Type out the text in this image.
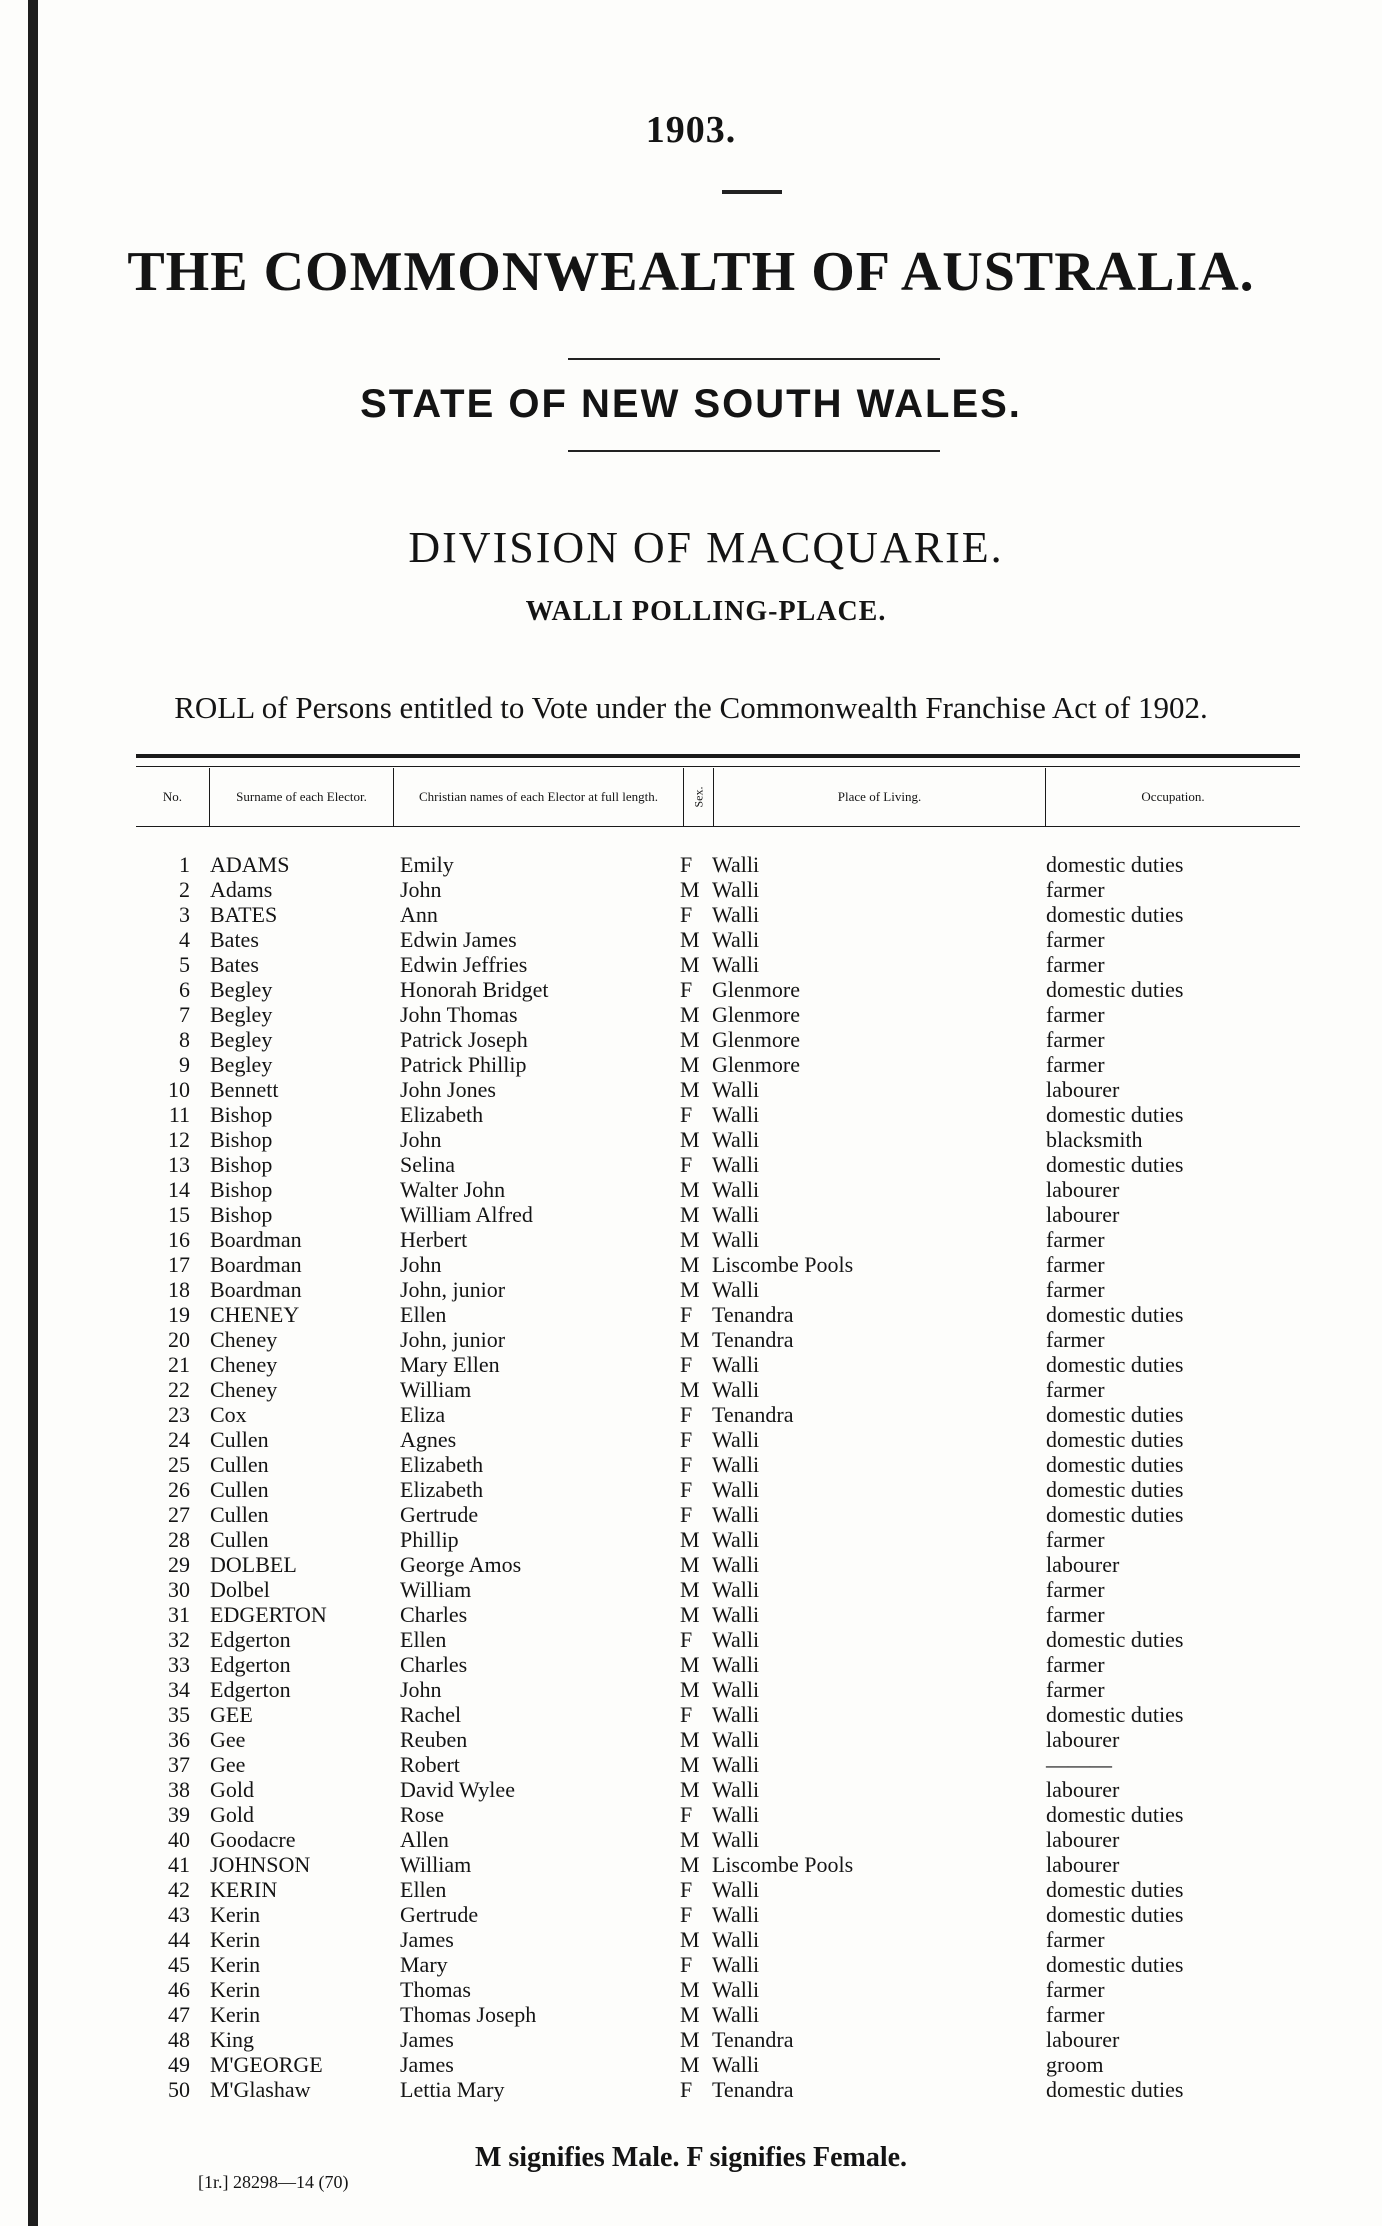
1903.
THE COMMONWEALTH OF AUSTRALIA.
STATE OF NEW SOUTH WALES.
DIVISION OF MACQUARIE.
WALLI POLLING-PLACE.
ROLL of Persons entitled to Vote under the Commonwealth Franchise Act of 1902.
No.	Surname of each Elector.	Christian names of each Elector at full length.	Sex.	Place of Living.	Occupation.
1 ADAMS	Emily	F Walli	domestic duties
2 Adams	John	M Walli	farmer
3 BATES	Ann	F Walli	domestic duties
4 Bates	Edwin James	M Walli	farmer
5 Bates	Edwin Jeffries	M Walli	farmer
6 Begley	Honorah Bridget	F Glenmore	domestic duties
7 Begley	John Thomas	M Glenmore	farmer
8 Begley	Patrick Joseph	M Glenmore	farmer
9 Begley	Patrick Phillip	M Glenmore	farmer
10 Bennett	John Jones	M Walli	labourer
11 Bishop	Elizabeth	F Walli	domestic duties
12 Bishop	John	M Walli	blacksmith
13 Bishop	Selina	F Walli	domestic duties
14 Bishop	Walter John	M Walli	labourer
15 Bishop	William Alfred	M Walli	labourer
16 Boardman	Herbert	M Walli	farmer
17 Boardman	John	M Liscombe Pools	farmer
18 Boardman	John, junior	M Walli	farmer
19 CHENEY	Ellen	F Tenandra	domestic duties
20 Cheney	John, junior	M Tenandra	farmer
21 Cheney	Mary Ellen	F Walli	domestic duties
22 Cheney	William	M Walli	farmer
23 Cox	Eliza	F Tenandra	domestic duties
24 Cullen	Agnes	F Walli	domestic duties
25 Cullen	Elizabeth	F Walli	domestic duties
26 Cullen	Elizabeth	F Walli	domestic duties
27 Cullen	Gertrude	F Walli	domestic duties
28 Cullen	Phillip	M Walli	farmer
29 DOLBEL	George Amos	M Walli	labourer
30 Dolbel	William	M Walli	farmer
31 EDGERTON	Charles	M Walli	farmer
32 Edgerton	Ellen	F Walli	domestic duties
33 Edgerton	Charles	M Walli	farmer
34 Edgerton	John	M Walli	farmer
35 GEE	Rachel	F Walli	domestic duties
36 Gee	Reuben	M Walli	labourer
37 Gee	Robert	M Walli	———
38 Gold	David Wylee	M Walli	labourer
39 Gold	Rose	F Walli	domestic duties
40 Goodacre	Allen	M Walli	labourer
41 JOHNSON	William	M Liscombe Pools	labourer
42 KERIN	Ellen	F Walli	domestic duties
43 Kerin	Gertrude	F Walli	domestic duties
44 Kerin	James	M Walli	farmer
45 Kerin	Mary	F Walli	domestic duties
46 Kerin	Thomas	M Walli	farmer
47 Kerin	Thomas Joseph	M Walli	farmer
48 King	James	M Tenandra	labourer
49 M'GEORGE	James	M Walli	groom
50 M'Glashaw	Lettia Mary	F Tenandra	domestic duties
M signifies Male. F signifies Female.
[1r.] 28298—14 (70)
